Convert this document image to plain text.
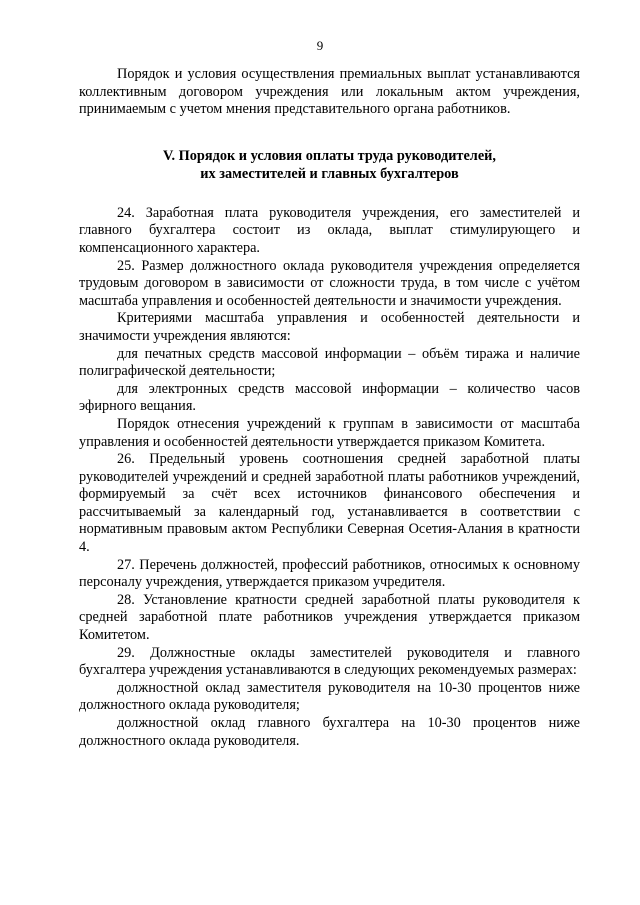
9

Порядок и условия осуществления премиальных выплат устанавливаются коллективным договором учреждения или локальным актом учреждения, принимаемым с учетом мнения представительного органа работников.

V. Порядок и условия оплаты труда руководителей,
их заместителей и главных бухгалтеров

24. Заработная плата руководителя учреждения, его заместителей и главного бухгалтера состоит из оклада, выплат стимулирующего и компенсационного характера.

25. Размер должностного оклада руководителя учреждения определяется трудовым договором в зависимости от сложности труда, в том числе с учётом масштаба управления и особенностей деятельности и значимости учреждения.

Критериями масштаба управления и особенностей деятельности и значимости учреждения являются:

для печатных средств массовой информации – объём тиража и наличие полиграфической деятельности;

для электронных средств массовой информации – количество часов эфирного вещания.

Порядок отнесения учреждений к группам в зависимости от масштаба управления и особенностей деятельности утверждается приказом Комитета.

26. Предельный уровень соотношения средней заработной платы руководителей учреждений и средней заработной платы работников учреждений, формируемый за счёт всех источников финансового обеспечения и рассчитываемый за календарный год, устанавливается в соответствии с нормативным правовым актом Республики Северная Осетия-Алания в кратности 4.

27. Перечень должностей, профессий работников, относимых к основному персоналу учреждения, утверждается приказом учредителя.

28. Установление кратности средней заработной платы руководителя к средней заработной плате работников учреждения утверждается приказом Комитетом.

29. Должностные оклады заместителей руководителя и главного бухгалтера учреждения устанавливаются в следующих рекомендуемых размерах:

должностной оклад заместителя руководителя на 10-30 процентов ниже должностного оклада руководителя;

должностной оклад главного бухгалтера на 10-30 процентов ниже должностного оклада руководителя.
